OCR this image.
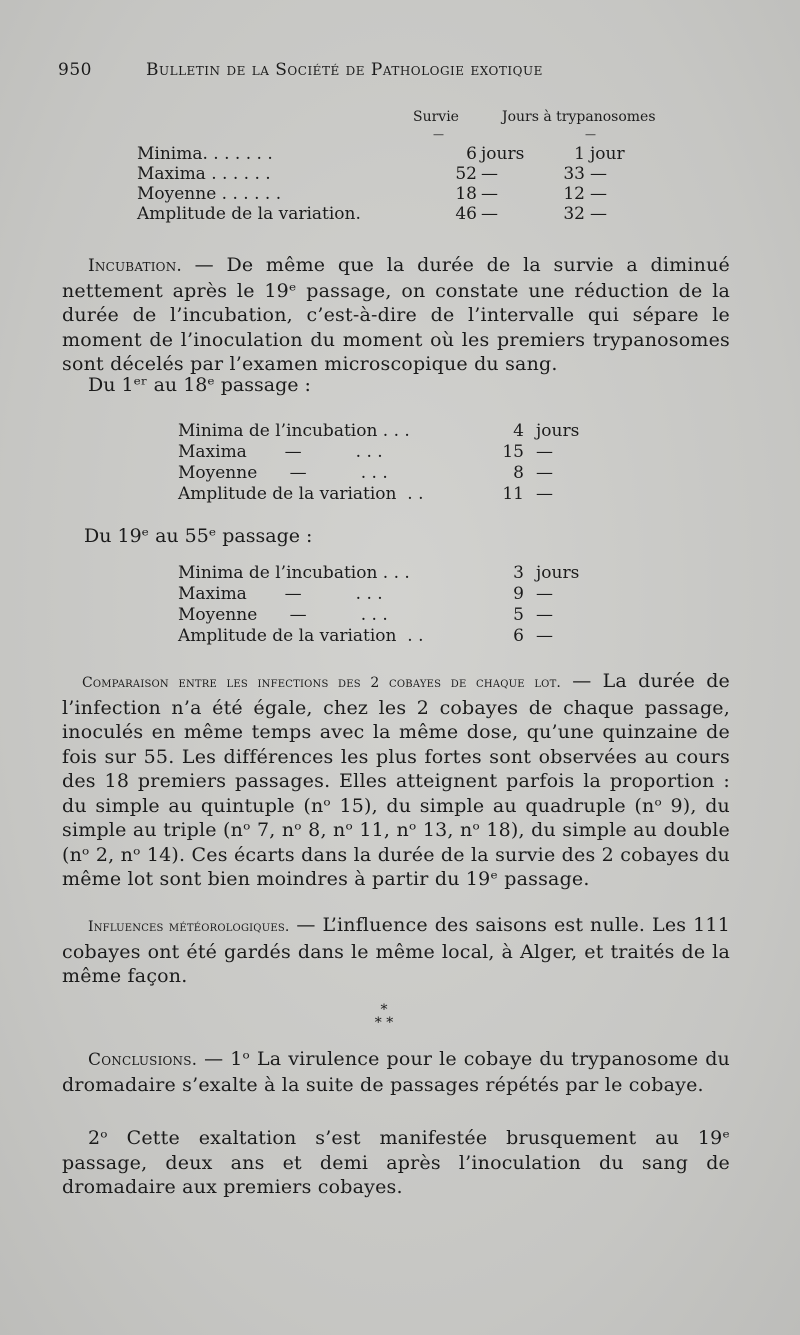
950	Bulletin de la Société de Pathologie exotique
Survie	Jours à trypanosomes
—	—
Minima. . . . . . .	6 jours	1 jour
Maxima . . . . . .	52 —	33 —
Moyenne . . . . . .	18 —	12 —
Amplitude de la variation.	46 —	32 —
Incubation. — De même que la durée de la survie a diminué nettement après le 19ᵉ passage, on constate une réduction de la durée de l’incubation, c’est-à-dire de l’intervalle qui sépare le moment de l’inoculation du moment où les premiers trypanosomes sont décelés par l’examen microscopique du sang.
Du 1ᵉʳ au 18ᵉ passage :
Minima de l’incubation . . .	4 jours
Maxima       —          . . .	15 —
Moyenne      —          . . .	8 —
Amplitude de la variation  . .	11 —
Du 19ᵉ au 55ᵉ passage :
Minima de l’incubation . . .	3 jours
Maxima       —          . . .	9 —
Moyenne      —          . . .	5 —
Amplitude de la variation  . .	6 —
Comparaison entre les infections des 2 cobayes de chaque lot. — La durée de l’infection n’a été égale, chez les 2 cobayes de chaque passage, inoculés en même temps avec la même dose, qu’une quinzaine de fois sur 55. Les différences les plus fortes sont observées au cours des 18 premiers passages. Elles atteignent parfois la proportion : du simple au quintuple (nᵒ 15), du simple au quadruple (nᵒ 9), du simple au triple (nᵒ 7, nᵒ 8, nᵒ 11, nᵒ 13, nᵒ 18), du simple au double (nᵒ 2, nᵒ 14). Ces écarts dans la durée de la survie des 2 cobayes du même lot sont bien moindres à partir du 19ᵉ passage.
Influences météorologiques. — L’influence des saisons est nulle. Les 111 cobayes ont été gardés dans le même local, à Alger, et traités de la même façon.
*
* *
Conclusions. — 1ᵒ La virulence pour le cobaye du trypanosome du dromadaire s’exalte à la suite de passages répétés par le cobaye.
2ᵒ Cette exaltation s’est manifestée brusquement au 19ᵉ passage, deux ans et demi après l’inoculation du sang de dromadaire aux premiers cobayes.
